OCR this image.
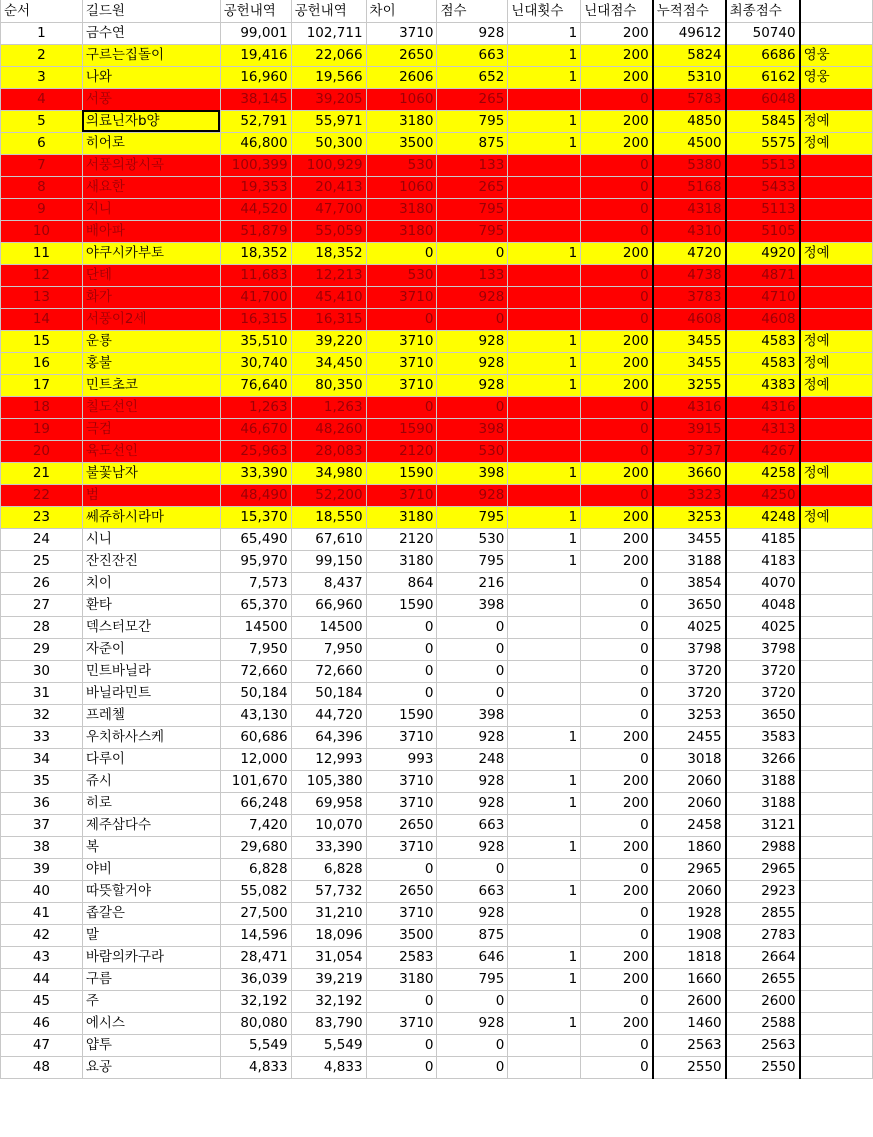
순서	길드원	공헌내역	공헌내역	차이	점수	닌대횟수	닌대점수	누적점수	최종점수	
1	금수연	99,001	102,711	3710	928	1	200	49612	50740	
2	구르는집돌이	19,416	22,066	2650	663	1	200	5824	6686	영웅
3	나와	16,960	19,566	2606	652	1	200	5310	6162	영웅
4	서풍	38,145	39,205	1060	265		0	5783	6048	
5	의료닌자b양	52,791	55,971	3180	795	1	200	4850	5845	정예
6	히어로	46,800	50,300	3500	875	1	200	4500	5575	정예
7	서풍의광시곡	100,399	100,929	530	133		0	5380	5513	
8	새요한	19,353	20,413	1060	265		0	5168	5433	
9	지니	44,520	47,700	3180	795		0	4318	5113	
10	배아파	51,879	55,059	3180	795		0	4310	5105	
11	야쿠시카부토	18,352	18,352	0	0	1	200	4720	4920	정예
12	단테	11,683	12,213	530	133		0	4738	4871	
13	화가	41,700	45,410	3710	928		0	3783	4710	
14	서풍이2세	16,315	16,315	0	0		0	4608	4608	
15	운룡	35,510	39,220	3710	928	1	200	3455	4583	정예
16	홍불	30,740	34,450	3710	928	1	200	3455	4583	정예
17	민트초코	76,640	80,350	3710	928	1	200	3255	4383	정예
18	칠도선인	1,263	1,263	0	0		0	4316	4316	
19	극검	46,670	48,260	1590	398		0	3915	4313	
20	육도선인	25,963	28,083	2120	530		0	3737	4267	
21	불꽃남자	33,390	34,980	1590	398	1	200	3660	4258	정예
22	범	48,490	52,200	3710	928		0	3323	4250	
23	쎄쥬하시라마	15,370	18,550	3180	795	1	200	3253	4248	정예
24	시니	65,490	67,610	2120	530	1	200	3455	4185	
25	잔진잔진	95,970	99,150	3180	795	1	200	3188	4183	
26	치이	7,573	8,437	864	216		0	3854	4070	
27	환타	65,370	66,960	1590	398		0	3650	4048	
28	덱스터모간	14500	14500	0	0		0	4025	4025	
29	자준이	7,950	7,950	0	0		0	3798	3798	
30	민트바닐라	72,660	72,660	0	0		0	3720	3720	
31	바닐라민트	50,184	50,184	0	0		0	3720	3720	
32	프레첼	43,130	44,720	1590	398		0	3253	3650	
33	우치하사스케	60,686	64,396	3710	928	1	200	2455	3583	
34	다루이	12,000	12,993	993	248		0	3018	3266	
35	쥬시	101,670	105,380	3710	928	1	200	2060	3188	
36	히로	66,248	69,958	3710	928	1	200	2060	3188	
37	제주삼다수	7,420	10,070	2650	663		0	2458	3121	
38	복	29,680	33,390	3710	928	1	200	1860	2988	
39	야비	6,828	6,828	0	0		0	2965	2965	
40	따뜻할거야	55,082	57,732	2650	663	1	200	2060	2923	
41	좁갈은	27,500	31,210	3710	928		0	1928	2855	
42	말	14,596	18,096	3500	875		0	1908	2783	
43	바람의카구라	28,471	31,054	2583	646	1	200	1818	2664	
44	구름	36,039	39,219	3180	795	1	200	1660	2655	
45	주	32,192	32,192	0	0		0	2600	2600	
46	에시스	80,080	83,790	3710	928	1	200	1460	2588	
47	얍투	5,549	5,549	0	0		0	2563	2563	
48	요공	4,833	4,833	0	0		0	2550	2550	
